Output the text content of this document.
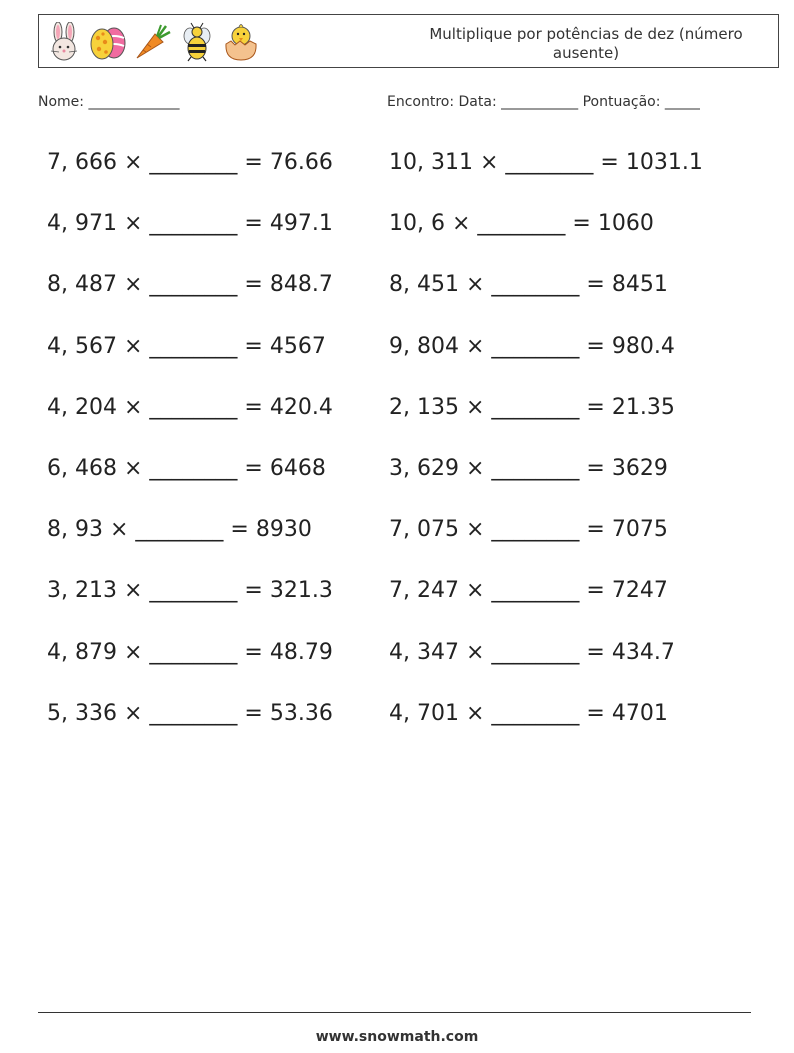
Multiplique por potências de dez (número ausente)
Nome: _____________	Encontro: Data: ___________ Pontuação: _____
7, 666 × ________ = 76.66
4, 971 × ________ = 497.1
8, 487 × ________ = 848.7
4, 567 × ________ = 4567
4, 204 × ________ = 420.4
6, 468 × ________ = 6468
8, 93 × ________ = 8930
3, 213 × ________ = 321.3
4, 879 × ________ = 48.79
5, 336 × ________ = 53.36
10, 311 × ________ = 1031.1
10, 6 × ________ = 1060
8, 451 × ________ = 8451
9, 804 × ________ = 980.4
2, 135 × ________ = 21.35
3, 629 × ________ = 3629
7, 075 × ________ = 7075
7, 247 × ________ = 7247
4, 347 × ________ = 434.7
4, 701 × ________ = 4701
www.snowmath.com
